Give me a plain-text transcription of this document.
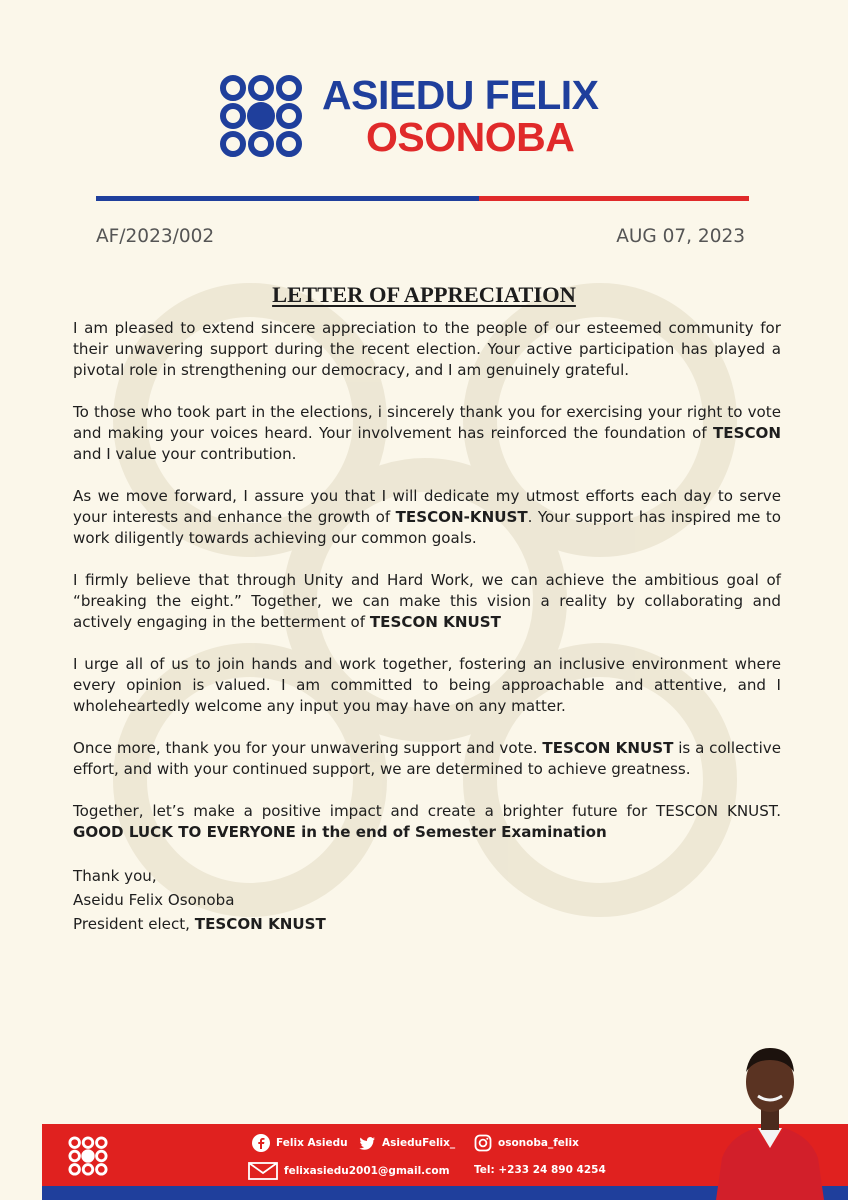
ASIEDU FELIX
OSONOBA
AF/2023/002	AUG 07, 2023
LETTER OF APPRECIATION

I am pleased to extend sincere appreciation to the people of our esteemed community for their unwavering support during the recent election. Your active participation has played a pivotal role in strengthening our democracy, and I am genuinely grateful.

To those who took part in the elections, i sincerely thank you for exercising your right to vote and making your voices heard. Your involvement has reinforced the foundation of TESCON and I value your contribution.

As we move forward, I assure you that I will dedicate my utmost efforts each day to serve your interests and enhance the growth of TESCON-KNUST. Your support has inspired me to work diligently towards achieving our common goals.

I firmly believe that through Unity and Hard Work, we can achieve the ambitious goal of “breaking the eight.” Together, we can make this vision a reality by collaborating and actively engaging in the betterment of TESCON KNUST

I urge all of us to join hands and work together, fostering an inclusive environment where every opinion is valued. I am committed to being approachable and attentive, and I wholeheartedly welcome any input you may have on any matter.

Once more, thank you for your unwavering support and vote. TESCON KNUST is a collective effort, and with your continued support, we are determined to achieve greatness.

Together, let’s make a positive impact and create a brighter future for TESCON KNUST. GOOD LUCK TO EVERYONE in the end of Semester Examination

Thank you,
Aseidu Felix Osonoba
President elect, TESCON KNUST
Felix Asiedu	AsieduFelix_	osonoba_felix
felixasiedu2001@gmail.com Tel: +233 24 890 4254
